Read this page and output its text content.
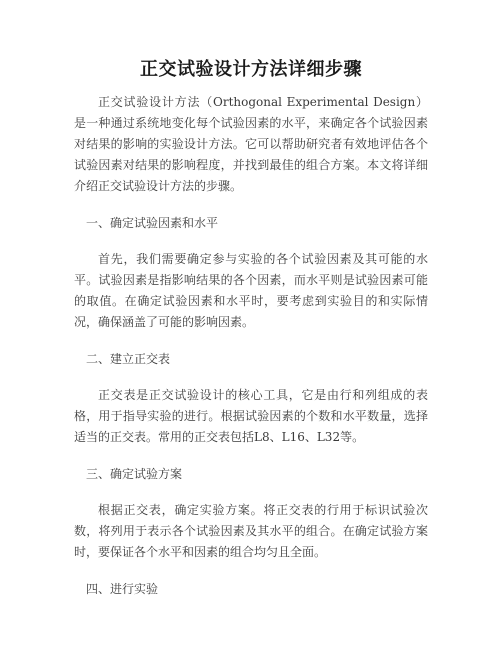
正交试验设计方法详细步骤

正交试验设计方法（Orthogonal Experimental Design）是一种通过系统地变化每个试验因素的水平，来确定各个试验因素对结果的影响的实验设计方法。它可以帮助研究者有效地评估各个试验因素对结果的影响程度，并找到最佳的组合方案。本文将详细介绍正交试验设计方法的步骤。

一、确定试验因素和水平

首先，我们需要确定参与实验的各个试验因素及其可能的水平。试验因素是指影响结果的各个因素，而水平则是试验因素可能的取值。在确定试验因素和水平时，要考虑到实验目的和实际情况，确保涵盖了可能的影响因素。

二、建立正交表

正交表是正交试验设计的核心工具，它是由行和列组成的表格，用于指导实验的进行。根据试验因素的个数和水平数量，选择适当的正交表。常用的正交表包括L8、L16、L32等。

三、确定试验方案

根据正交表，确定实验方案。将正交表的行用于标识试验次数，将列用于表示各个试验因素及其水平的组合。在确定试验方案时，要保证各个水平和因素的组合均匀且全面。

四、进行实验
